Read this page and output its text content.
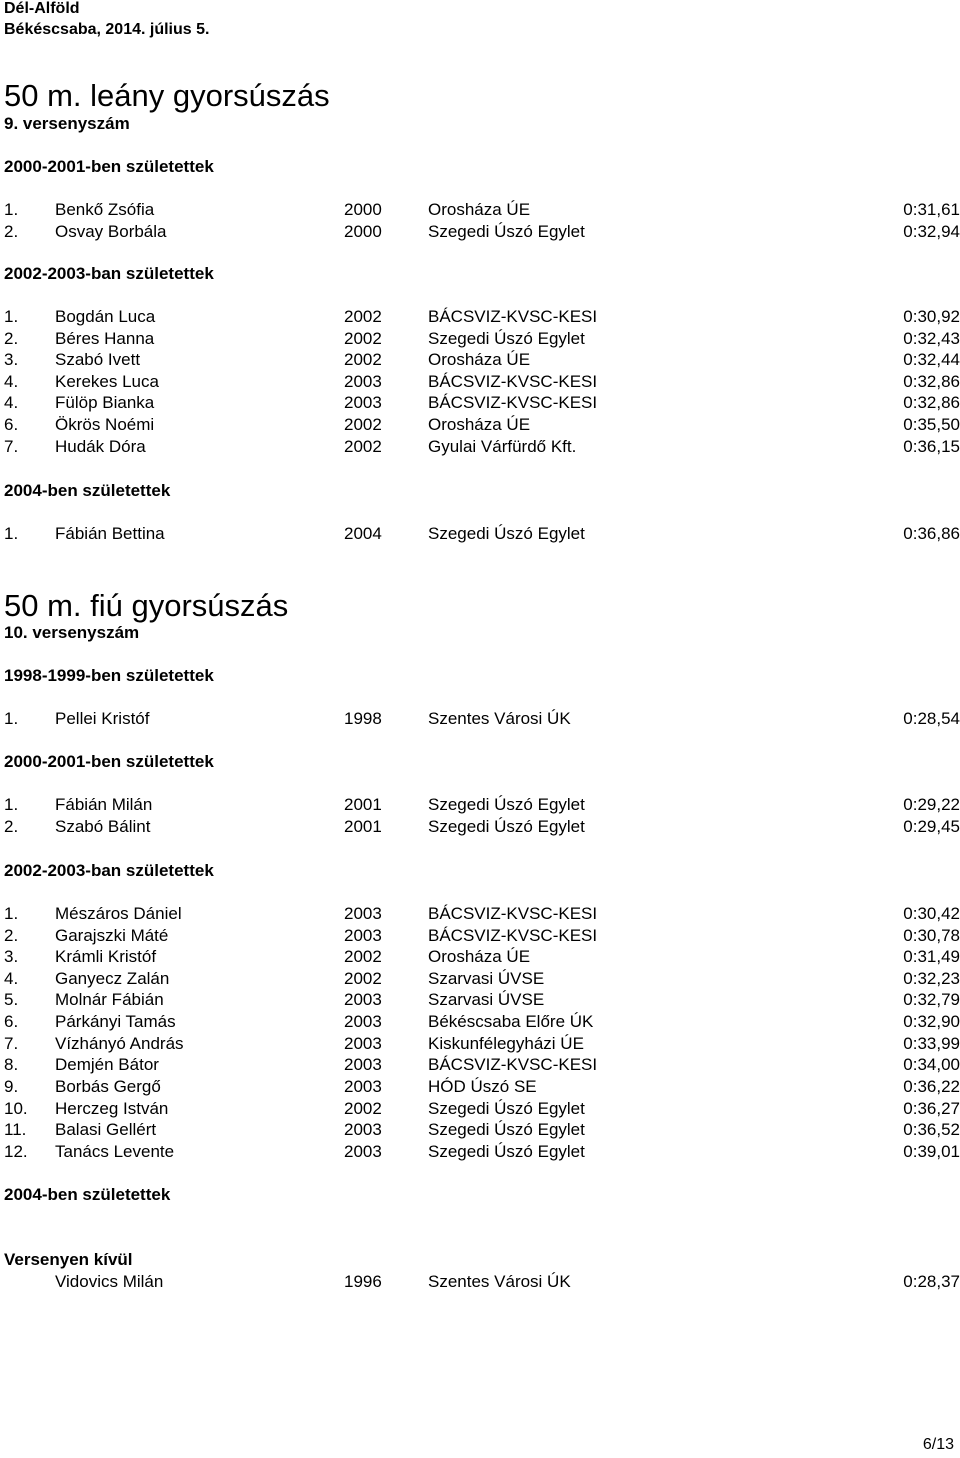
Dél-Alföld
Békéscsaba, 2014. július 5.
50 m. leány gyorsúszás
9. versenyszám
2000-2001-ben születettek
1. Benkő Zsófia	2000	Orosháza ÚE	0:31,61
2. Osvay Borbála	2000	Szegedi Úszó Egylet	0:32,94
2002-2003-ban születettek
1. Bogdán Luca	2002	BÁCSVIZ-KVSC-KESI	0:30,92
2. Béres Hanna	2002	Szegedi Úszó Egylet	0:32,43
3. Szabó Ivett	2002	Orosháza ÚE	0:32,44
4. Kerekes Luca	2003	BÁCSVIZ-KVSC-KESI	0:32,86
4. Fülöp Bianka	2003	BÁCSVIZ-KVSC-KESI	0:32,86
6. Ökrös Noémi	2002	Orosháza ÚE	0:35,50
7. Hudák Dóra	2002	Gyulai Várfürdő Kft.	0:36,15
2004-ben születettek
1. Fábián Bettina	2004	Szegedi Úszó Egylet	0:36,86
50 m. fiú gyorsúszás
10. versenyszám
1998-1999-ben születettek
1. Pellei Kristóf	1998	Szentes Városi ÚK	0:28,54
2000-2001-ben születettek
1. Fábián Milán	2001	Szegedi Úszó Egylet	0:29,22
2. Szabó Bálint	2001	Szegedi Úszó Egylet	0:29,45
2002-2003-ban születettek
1. Mészáros Dániel	2003	BÁCSVIZ-KVSC-KESI	0:30,42
2. Garajszki Máté	2003	BÁCSVIZ-KVSC-KESI	0:30,78
3. Krámli Kristóf	2002	Orosháza ÚE	0:31,49
4. Ganyecz Zalán	2002	Szarvasi ÚVSE	0:32,23
5. Molnár Fábián	2003	Szarvasi ÚVSE	0:32,79
6. Párkányi Tamás	2003	Békéscsaba Előre ÚK	0:32,90
7. Vízhányó András	2003	Kiskunfélegyházi ÚE	0:33,99
8. Demjén Bátor	2003	BÁCSVIZ-KVSC-KESI	0:34,00
9. Borbás Gergő	2003	HÓD Úszó SE	0:36,22
10. Herczeg István	2002	Szegedi Úszó Egylet	0:36,27
11. Balasi Gellért	2003	Szegedi Úszó Egylet	0:36,52
12. Tanács Levente	2003	Szegedi Úszó Egylet	0:39,01
2004-ben születettek
Versenyen kívül
Vidovics Milán	1996	Szentes Városi ÚK	0:28,37
6/13
